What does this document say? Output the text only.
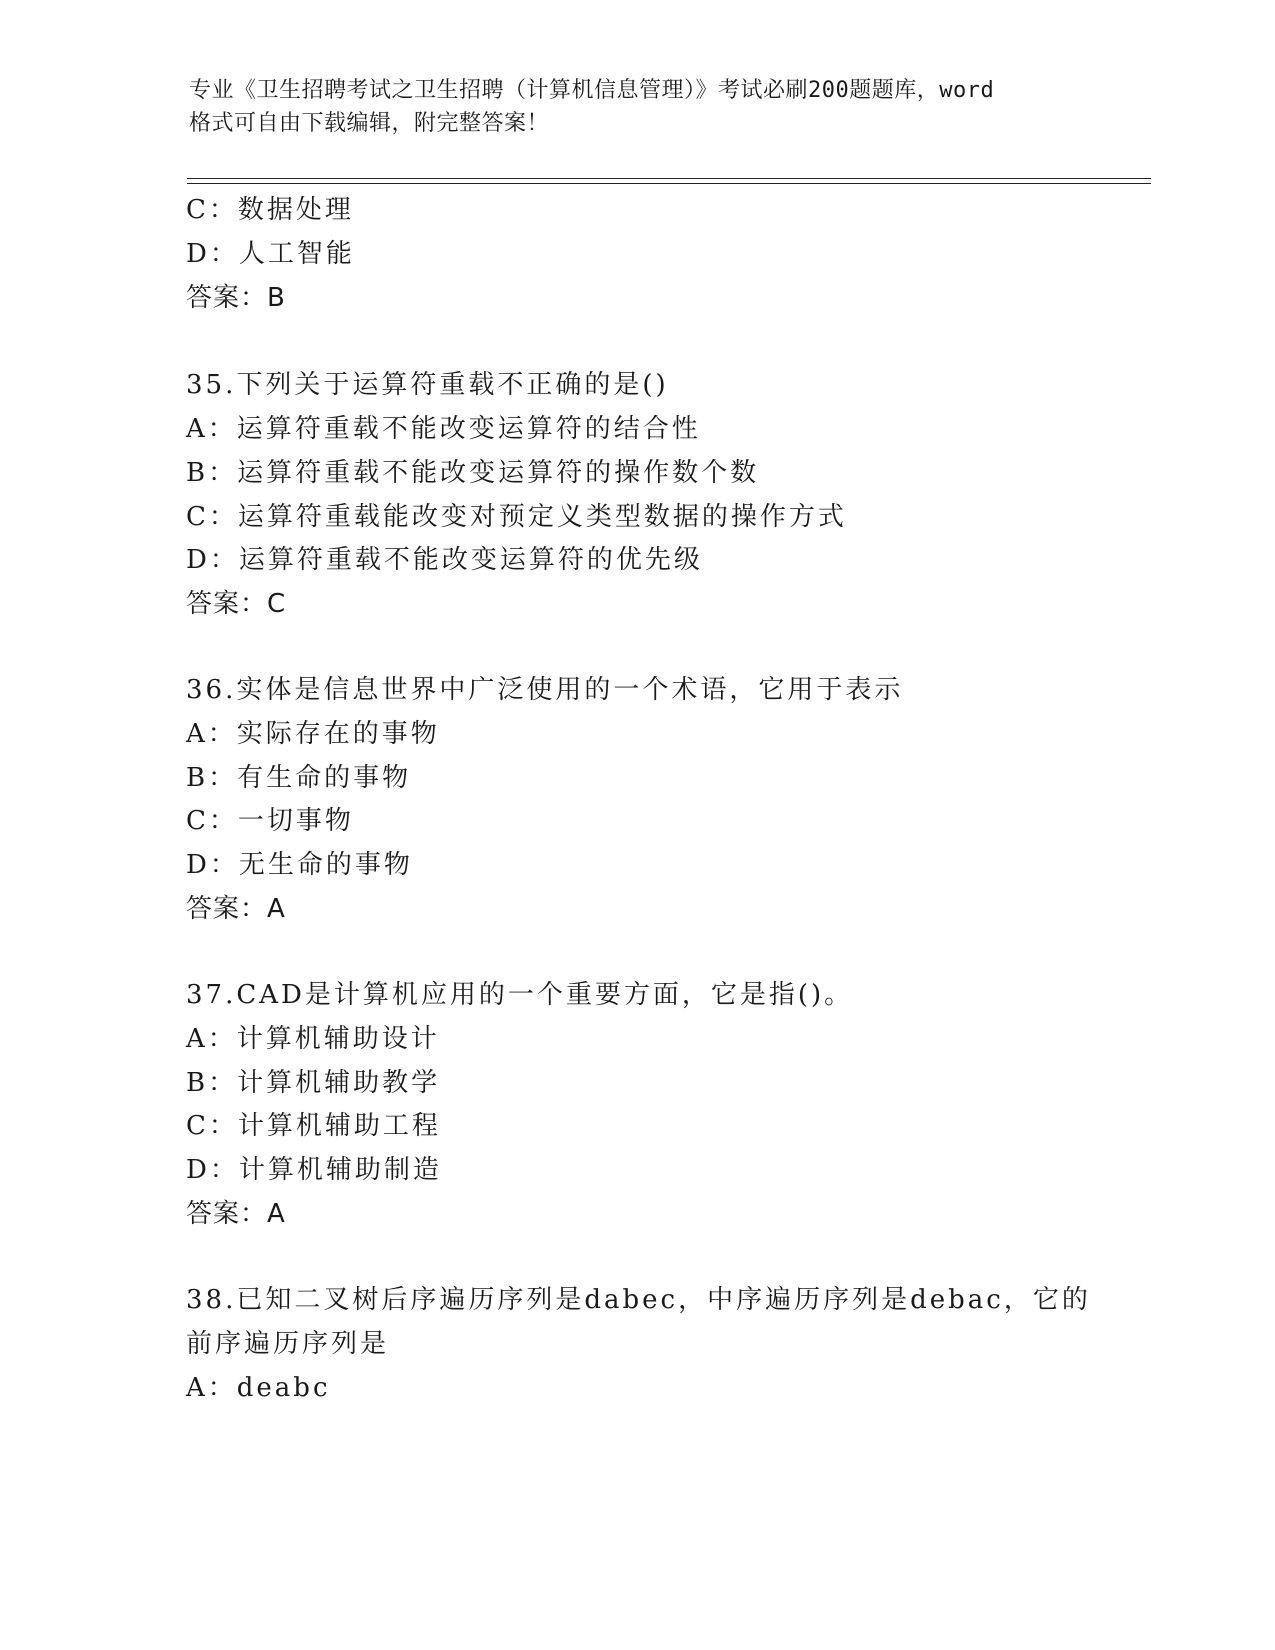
专业《卫生招聘考试之卫生招聘（计算机信息管理）》考试必刷200题题库，word
格式可自由下载编辑，附完整答案！
C：数据处理
D：人工智能
答案：B
35.下列关于运算符重载不正确的是()
A：运算符重载不能改变运算符的结合性
B：运算符重载不能改变运算符的操作数个数
C：运算符重载能改变对预定义类型数据的操作方式
D：运算符重载不能改变运算符的优先级
答案：C
36.实体是信息世界中广泛使用的一个术语，它用于表示
A：实际存在的事物
B：有生命的事物
C：一切事物
D：无生命的事物
答案：A
37.CAD是计算机应用的一个重要方面，它是指()。
A：计算机辅助设计
B：计算机辅助教学
C：计算机辅助工程
D：计算机辅助制造
答案：A
38.已知二叉树后序遍历序列是dabec，中序遍历序列是debac，它的
前序遍历序列是
A：deabc
